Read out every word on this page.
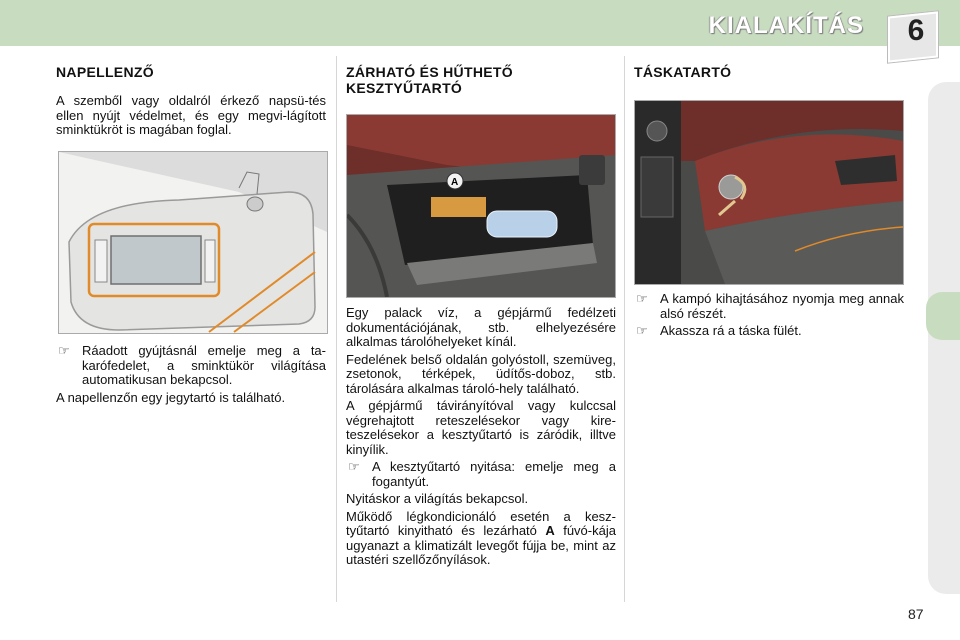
KIALAKÍTÁS	6
NAPELLENZŐ

A szemből vagy oldalról érkező napsü-tés ellen nyújt védelmet, és egy megvi-lágított sminktükröt is magában foglal.

☞ Ráadott gyújtásnál emelje meg a ta-karófedelet, a sminktükör világítása automatikusan bekapcsol.

A napellenzőn egy jegytartó is található.

ZÁRHATÓ ÉS HŰTHETŐ KESZTYŰTARTÓ
A

Egy palack víz, a gépjármű fedélzeti dokumentációjának, stb. elhelyezésére alkalmas tárolóhelyeket kínál.

Fedelének belső oldalán golyóstoll, szemüveg, zsetonok, térképek, üdítős-doboz, stb. tárolására alkalmas tároló-hely található.

A gépjármű távirányítóval vagy kulccsal végrehajtott reteszelésekor vagy kire-teszelésekor a kesztyűtartó is záródik, illtve kinyílik.

☞ A kesztyűtartó nyitása: emelje meg a fogantyút.

Nyitáskor a világítás bekapcsol.

Működő légkondicionáló esetén a kesz-tyűtartó kinyitható és lezárható A fúvó-kája ugyanazt a klimatizált levegőt fújja be, mint az utastéri szellőzőnyílások.

TÁSKATARTÓ
☞ A kampó kihajtásához nyomja meg annak alsó részét.
☞ Akassza rá a táska fülét.
87
